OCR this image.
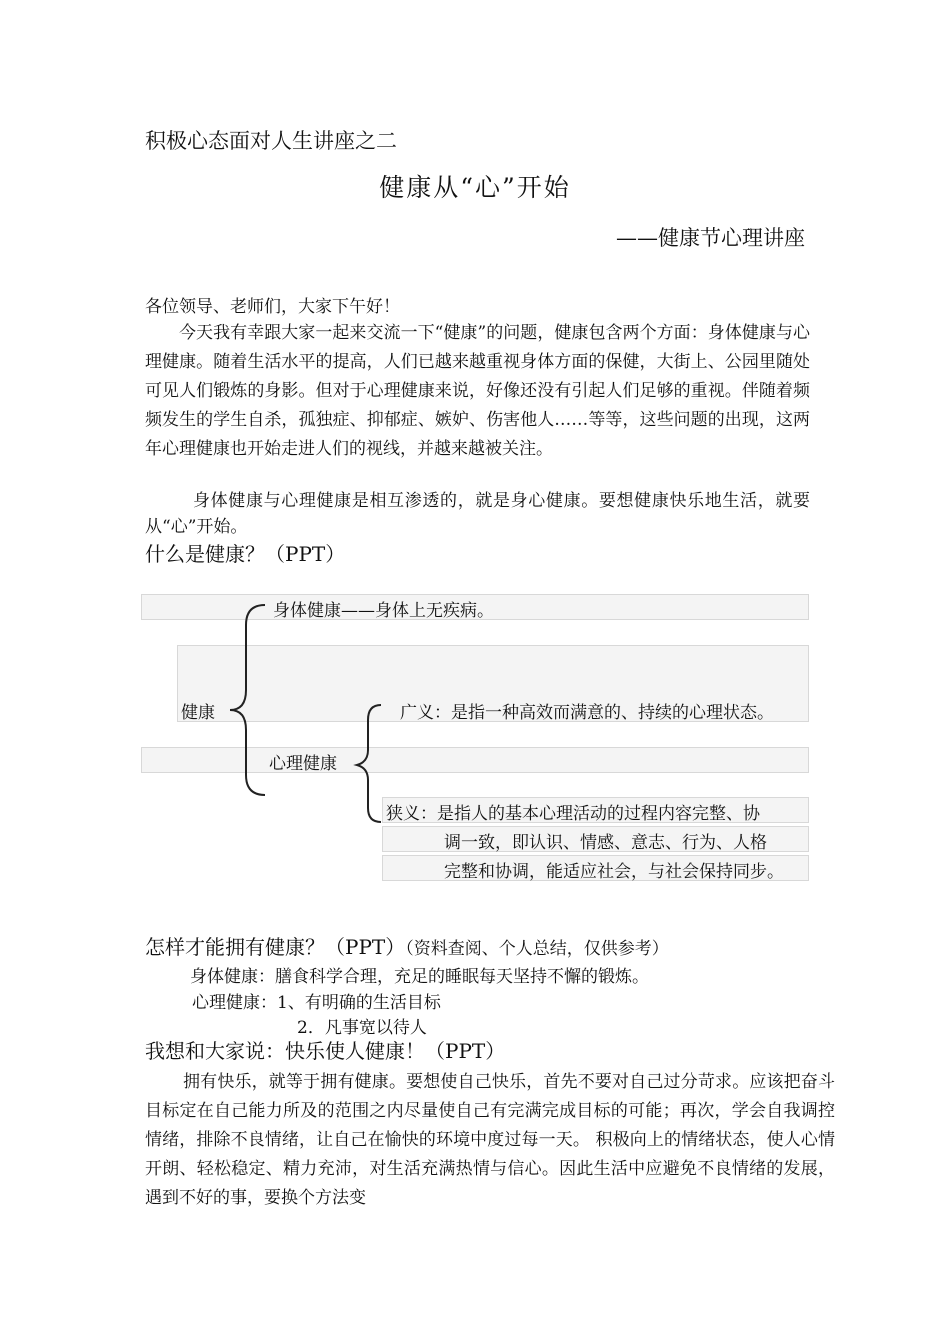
积极心态面对人生讲座之二
健康从“心”开始
——健康节心理讲座
各位领导、老师们，大家下午好！
今天我有幸跟大家一起来交流一下“健康”的问题，健康包含两个方面：身体健康与心理健康。随着生活水平的提高，人们已越来越重视身体方面的保健，大街上、公园里随处可见人们锻炼的身影。但对于心理健康来说，好像还没有引起人们足够的重视。伴随着频频发生的学生自杀，孤独症、抑郁症、嫉妒、伤害他人……等等，这些问题的出现，这两年心理健康也开始走进人们的视线，并越来越被关注。
身体健康与心理健康是相互渗透的，就是身心健康。要想健康快乐地生活，就要从“心”开始。
什么是健康？（PPT）
健康
身体健康——身体上无疾病。
心理健康
广义：是指一种高效而满意的、持续的心理状态。
狭义：是指人的基本心理活动的过程内容完整、协
调一致，即认识、情感、意志、行为、人格
完整和协调，能适应社会，与社会保持同步。
怎样才能拥有健康？（PPT）（资料查阅、个人总结，仅供参考）
身体健康：膳食科学合理，充足的睡眠每天坚持不懈的锻炼。
心理健康：1、有明确的生活目标
2．凡事宽以待人
我想和大家说：快乐使人健康！（PPT）
拥有快乐，就等于拥有健康。要想使自己快乐，首先不要对自己过分苛求。应该把奋斗目标定在自己能力所及的范围之内尽量使自己有完满完成目标的可能；再次，学会自我调控情绪，排除不良情绪，让自己在愉快的环境中度过每一天。 积极向上的情绪状态，使人心情开朗、轻松稳定、精力充沛，对生活充满热情与信心。因此生活中应避免不良情绪的发展，遇到不好的事，要换个方法变
